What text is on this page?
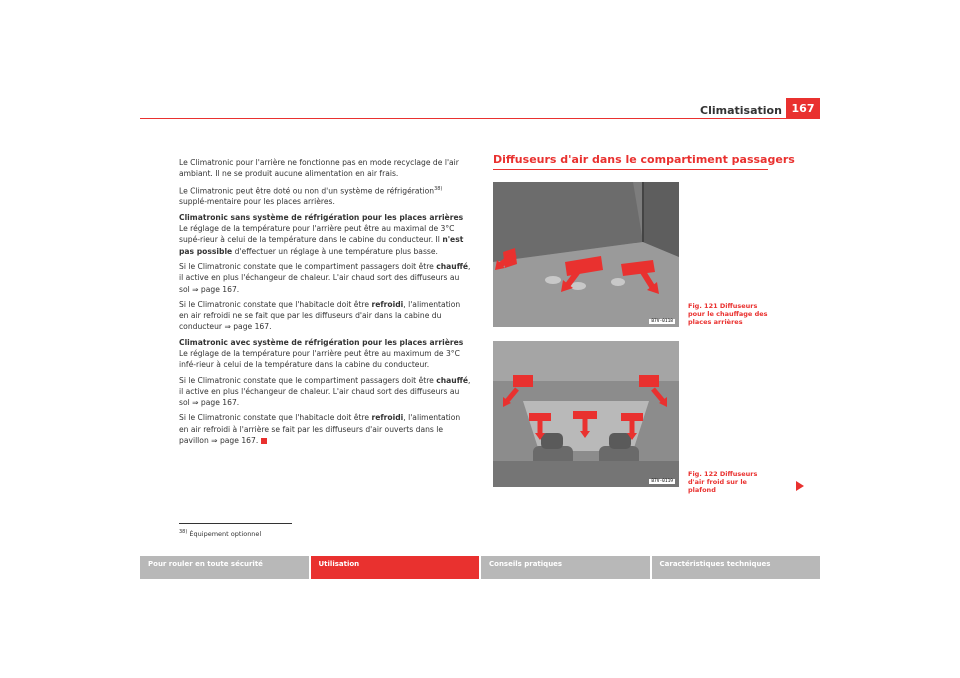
Climatisation 167

Le Climatronic pour l'arrière ne fonctionne pas en mode recyclage de l'air ambiant. Il ne se produit aucune alimentation en air frais.

Le Climatronic peut être doté ou non d'un système de réfrigération$^{38)}$ supplé-mentaire pour les places arrières.

Climatronic sans système de réfrigération pour les places arrières

Le réglage de la température pour l'arrière peut être au maximal de 3°C supé-rieur à celui de la température dans le cabine du conducteur. Il n'est pas possible d'effectuer un réglage à une température plus basse.

Si le Climatronic constate que le compartiment passagers doit être chauffé, il active en plus l'échangeur de chaleur. L'air chaud sort des diffuseurs au sol ⇒ page 167.

Si le Climatronic constate que l'habitacle doit être refroidi, l'alimentation en air refroidi ne se fait que par les diffuseurs d'air dans la cabine du conducteur ⇒ page 167.

Climatronic avec système de réfrigération pour les places arrières

Le réglage de la température pour l'arrière peut être au maximum de 3°C infé-rieur à celui de la température dans la cabine du conducteur.

Si le Climatronic constate que le compartiment passagers doit être chauffé, il active en plus l'échangeur de chaleur. L'air chaud sort des diffuseurs au sol ⇒ page 167.

Si le Climatronic constate que l'habitacle doit être refroidi, l'alimentation en air refroidi à l'arrière se fait par les diffuseurs d'air ouverts dans le pavillon ⇒ page 167.

Diffuseurs d'air dans le compartiment passagers
B7V-0118
Fig. 121 Diffuseurs pour le chauffage des places arrières
B7V-0119
Fig. 122 Diffuseurs d'air froid sur le plafond
$^{38)}$ Équipement optionnel
Pour rouler en toute sécurité	Utilisation	Conseils pratiques	Caractéristiques techniques
